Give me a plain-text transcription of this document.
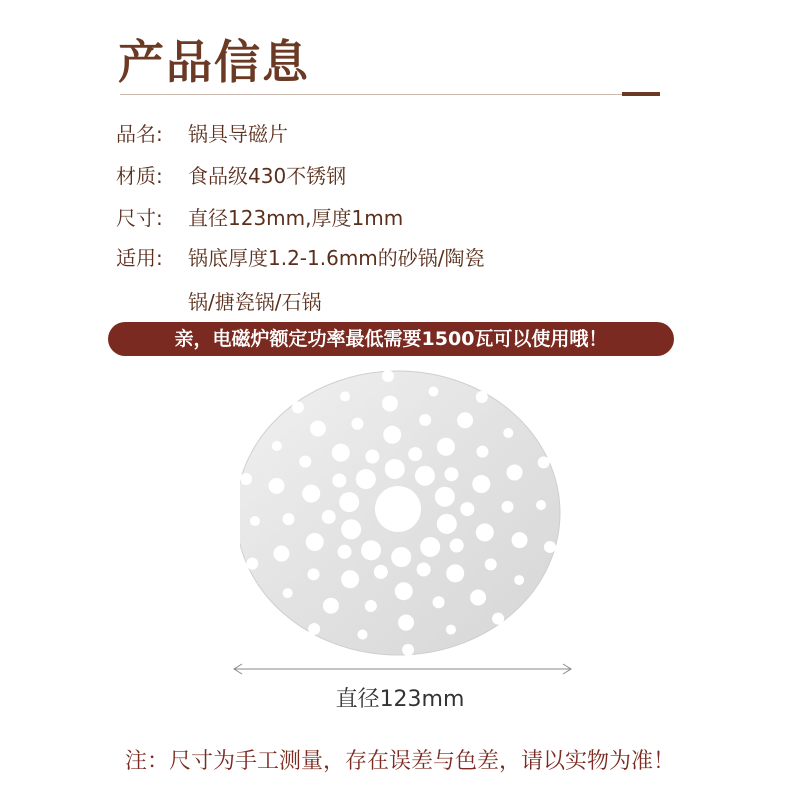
产品信息
品名: 锅具导磁片
材质: 食品级430不锈钢
尺寸: 直径123mm,厚度1mm
适用: 锅底厚度1.2-1.6mm的砂锅/陶瓷
锅/搪瓷锅/石锅
亲，电磁炉额定功率最低需要1500瓦可以使用哦！
直径123mm
注：尺寸为手工测量，存在误差与色差，请以实物为准！
